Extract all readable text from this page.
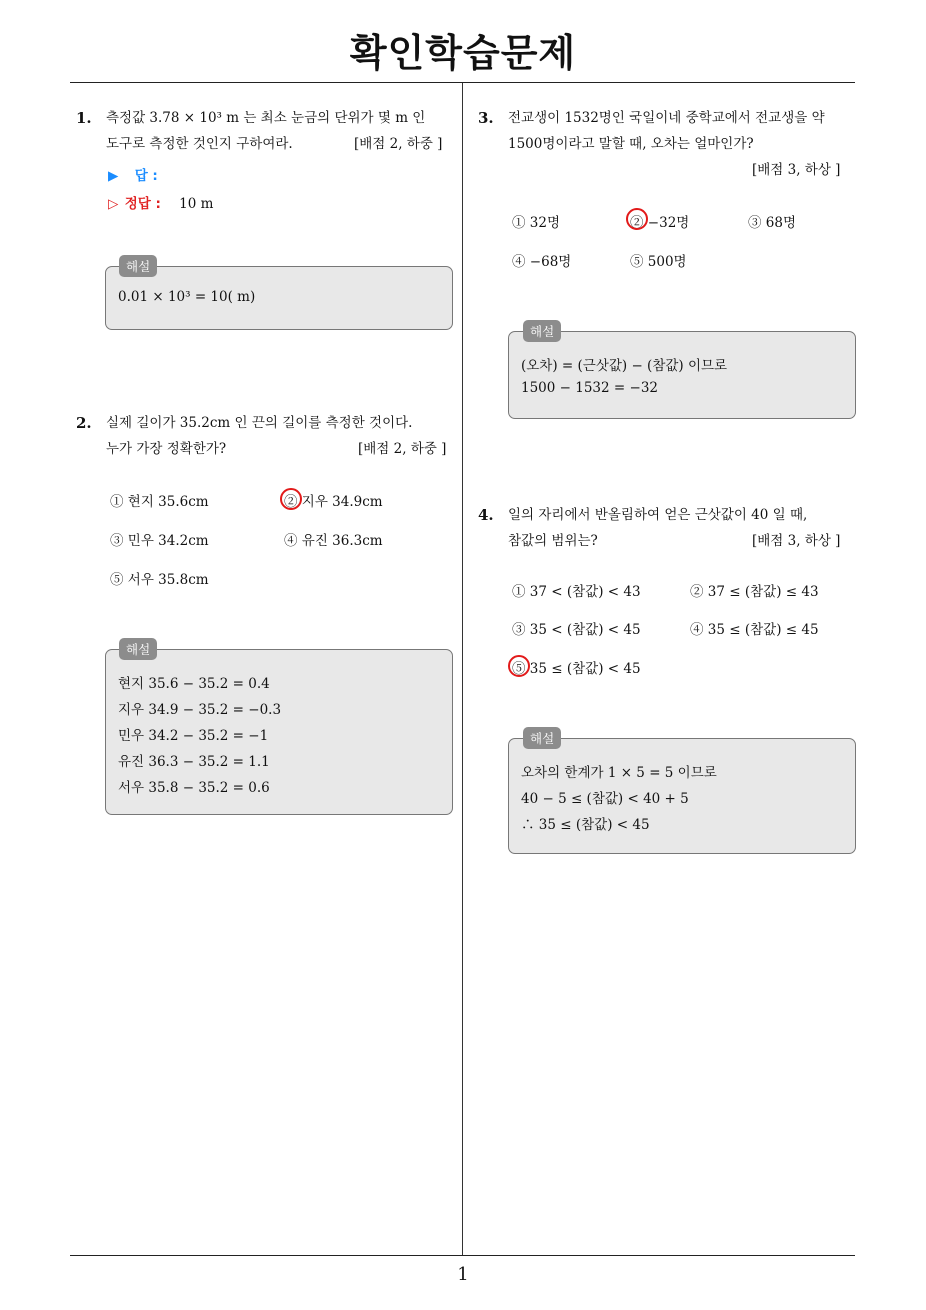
확인학습문제
1. 측정값 3.78 × 10³ m 는 최소 눈금의 단위가 몇 m 인
도구로 측정한 것인지 구하여라.	[배점 2, 하중 ]
▶ 답 :
▷ 정답 : 10 m
0.01 × 10³ = 10( m)
해설
2. 실제 길이가 35.2cm 인 끈의 길이를 측정한 것이다.
누가 가장 정확한가?	[배점 2, 하중 ]
① 현지 35.6cm	② 지우 34.9cm
③ 민우 34.2cm	④ 유진 36.3cm
⑤ 서우 35.8cm
현지 35.6 − 35.2 = 0.4
지우 34.9 − 35.2 = −0.3
민우 34.2 − 35.2 = −1
유진 36.3 − 35.2 = 1.1
서우 35.8 − 35.2 = 0.6
해설
3. 전교생이 1532명인 국일이네 중학교에서 전교생을 약
1500명이라고 말할 때, 오차는 얼마인가?
[배점 3, 하상 ]
① 32명	② −32명	③ 68명
④ −68명	⑤ 500명
(오차) = (근삿값) − (참값) 이므로
1500 − 1532 = −32
해설
4. 일의 자리에서 반올림하여 얻은 근삿값이 40 일 때,
참값의 범위는?	[배점 3, 하상 ]
① 37 < (참값) < 43	② 37 ≤ (참값) ≤ 43
③ 35 < (참값) < 45	④ 35 ≤ (참값) ≤ 45
⑤ 35 ≤ (참값) < 45
오차의 한계가 1 × 5 = 5 이므로
40 − 5 ≤ (참값) < 40 + 5
∴ 35 ≤ (참값) < 45
해설
1
